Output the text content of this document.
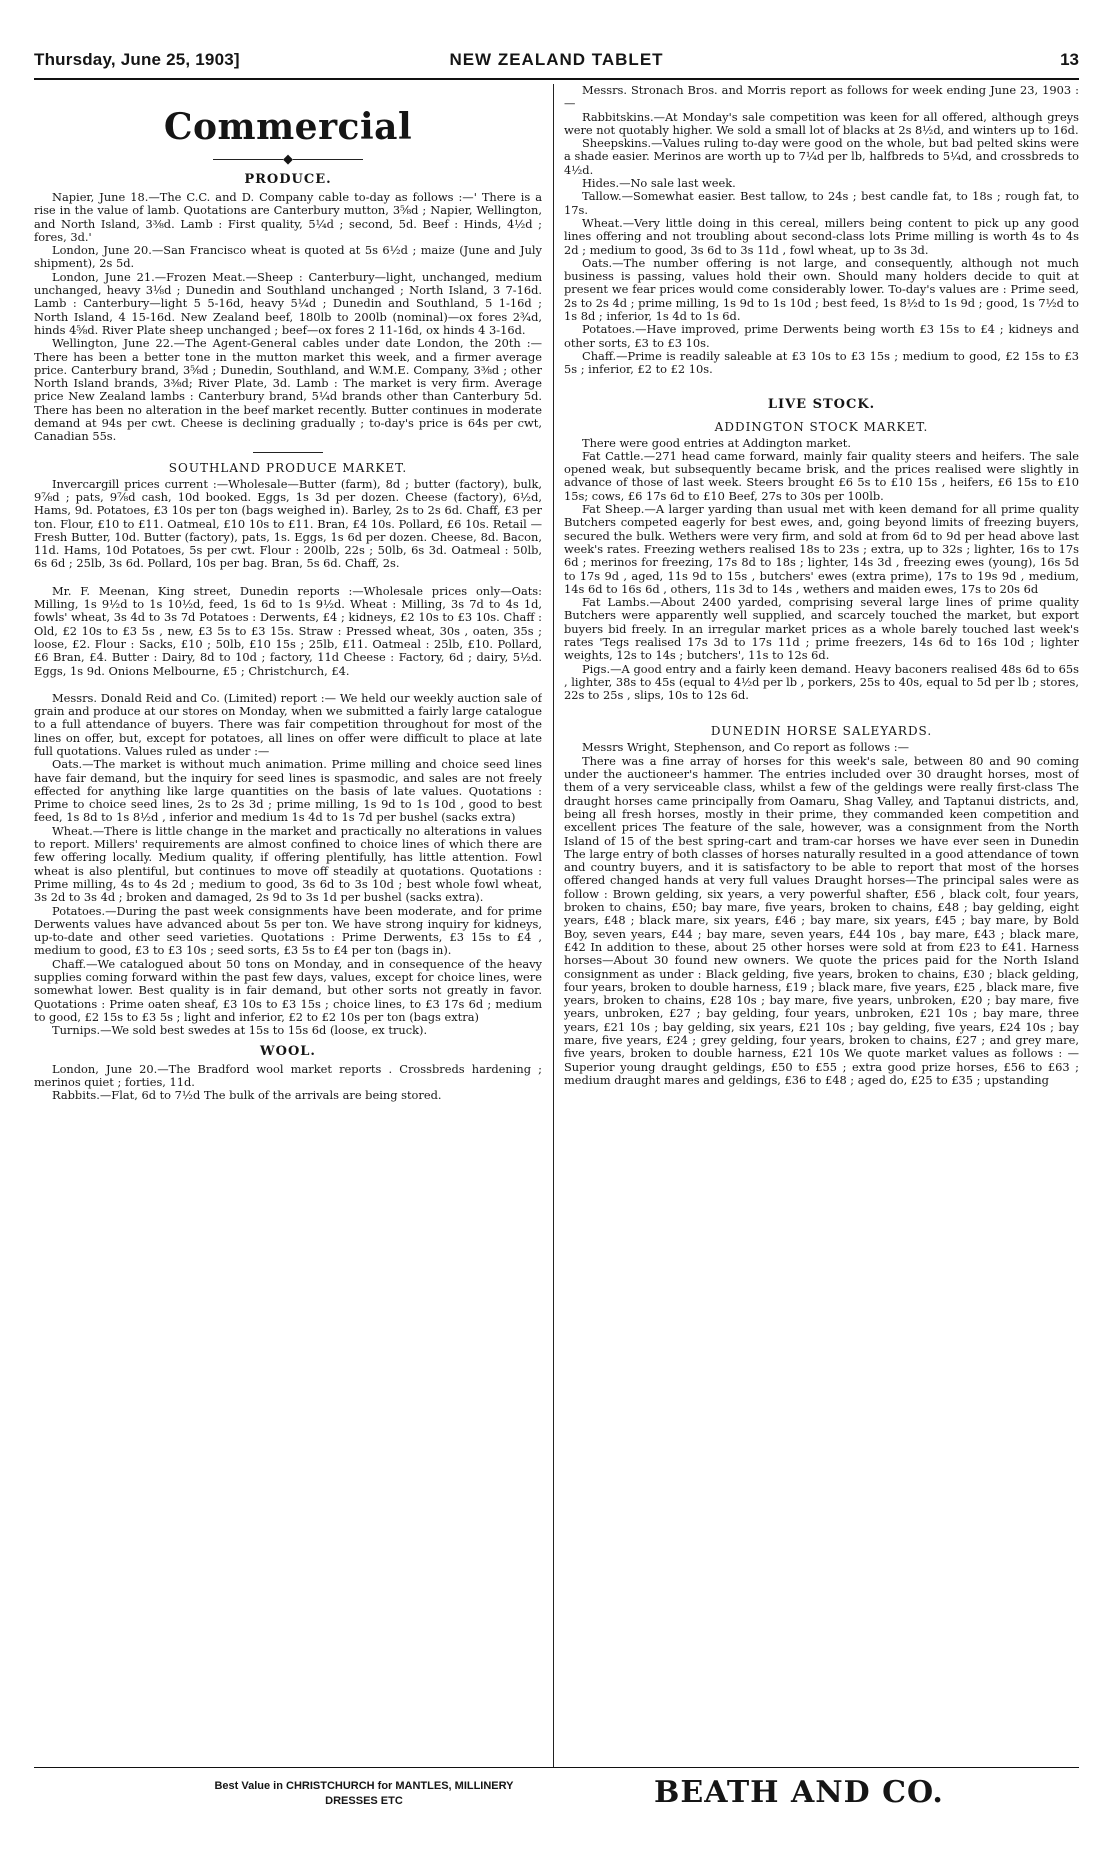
NEW ZEALAND TABLET
Thursday, June 25, 1903]	13
Commercial
◆
PRODUCE.

Napier, June 18.—The C.C. and D. Company cable to-day as follows :—' There is a rise in the value of lamb. Quotations are Canterbury mutton, 3⅝d ; Napier, Wellington, and North Island, 3⅜d. Lamb : First quality, 5¼d ; second, 5d. Beef : Hinds, 4½d ; fores, 3d.'

London, June 20.—San Francisco wheat is quoted at 5s 6½d ; maize (June and July shipment), 2s 5d.

London, June 21.—Frozen Meat.—Sheep : Canterbury—light, unchanged, medium unchanged, heavy 3⅛d ; Dunedin and Southland unchanged ; North Island, 3 7-16d. Lamb : Canterbury—light 5 5-16d, heavy 5¼d ; Dunedin and Southland, 5 1-16d ; North Island, 4 15-16d. New Zealand beef, 180lb to 200lb (nominal)—ox fores 2¾d, hinds 4⅝d. River Plate sheep unchanged ; beef—ox fores 2 11-16d, ox hinds 4 3-16d.

Wellington, June 22.—The Agent-General cables under date London, the 20th :—There has been a better tone in the mutton market this week, and a firmer average price. Canterbury brand, 3⅝d ; Dunedin, Southland, and W.M.E. Company, 3⅜d ; other North Island brands, 3⅜d; River Plate, 3d. Lamb : The market is very firm. Average price New Zealand lambs : Canterbury brand, 5¼d brands other than Canterbury 5d. There has been no alteration in the beef market recently. Butter continues in moderate demand at 94s per cwt. Cheese is declining gradually ; to-day's price is 64s per cwt, Canadian 55s.

SOUTHLAND PRODUCE MARKET.

Invercargill prices current :—Wholesale—Butter (farm), 8d ; butter (factory), bulk, 9⅞d ; pats, 9⅞d cash, 10d booked. Eggs, 1s 3d per dozen. Cheese (factory), 6½d, Hams, 9d. Potatoes, £3 10s per ton (bags weighed in). Barley, 2s to 2s 6d. Chaff, £3 per ton. Flour, £10 to £11. Oatmeal, £10 10s to £11. Bran, £4 10s. Pollard, £6 10s. Retail — Fresh Butter, 10d. Butter (factory), pats, 1s. Eggs, 1s 6d per dozen. Cheese, 8d. Bacon, 11d. Hams, 10d Potatoes, 5s per cwt. Flour : 200lb, 22s ; 50lb, 6s 3d. Oatmeal : 50lb, 6s 6d ; 25lb, 3s 6d. Pollard, 10s per bag. Bran, 5s 6d. Chaff, 2s.

Mr. F. Meenan, King street, Dunedin reports :—Wholesale prices only—Oats: Milling, 1s 9½d to 1s 10½d, feed, 1s 6d to 1s 9½d. Wheat : Milling, 3s 7d to 4s 1d, fowls' wheat, 3s 4d to 3s 7d Potatoes : Derwents, £4 ; kidneys, £2 10s to £3 10s. Chaff : Old, £2 10s to £3 5s , new, £3 5s to £3 15s. Straw : Pressed wheat, 30s , oaten, 35s ; loose, £2. Flour : Sacks, £10 ; 50lb, £10 15s ; 25lb, £11. Oatmeal : 25lb, £10. Pollard, £6 Bran, £4. Butter : Dairy, 8d to 10d ; factory, 11d Cheese : Factory, 6d ; dairy, 5½d. Eggs, 1s 9d. Onions Melbourne, £5 ; Christchurch, £4.

Messrs. Donald Reid and Co. (Limited) report :— We held our weekly auction sale of grain and produce at our stores on Monday, when we submitted a fairly large catalogue to a full attendance of buyers. There was fair competition throughout for most of the lines on offer, but, except for potatoes, all lines on offer were difficult to place at late full quotations. Values ruled as under :—

Oats.—The market is without much animation. Prime milling and choice seed lines have fair demand, but the inquiry for seed lines is spasmodic, and sales are not freely effected for anything like large quantities on the basis of late values. Quotations : Prime to choice seed lines, 2s to 2s 3d ; prime milling, 1s 9d to 1s 10d , good to best feed, 1s 8d to 1s 8½d , inferior and medium 1s 4d to 1s 7d per bushel (sacks extra)

Wheat.—There is little change in the market and practically no alterations in values to report. Millers' requirements are almost confined to choice lines of which there are few offering locally. Medium quality, if offering plentifully, has little attention. Fowl wheat is also plentiful, but continues to move off steadily at quotations. Quotations : Prime milling, 4s to 4s 2d ; medium to good, 3s 6d to 3s 10d ; best whole fowl wheat, 3s 2d to 3s 4d ; broken and damaged, 2s 9d to 3s 1d per bushel (sacks extra).

Potatoes.—During the past week consignments have been moderate, and for prime Derwents values have advanced about 5s per ton. We have strong inquiry for kidneys, up-to-date and other seed varieties. Quotations : Prime Derwents, £3 15s to £4 , medium to good, £3 to £3 10s ; seed sorts, £3 5s to £4 per ton (bags in).

Chaff.—We catalogued about 50 tons on Monday, and in consequence of the heavy supplies coming forward within the past few days, values, except for choice lines, were somewhat lower. Best quality is in fair demand, but other sorts not greatly in favor. Quotations : Prime oaten sheaf, £3 10s to £3 15s ; choice lines, to £3 17s 6d ; medium to good, £2 15s to £3 5s ; light and inferior, £2 to £2 10s per ton (bags extra)

Turnips.—We sold best swedes at 15s to 15s 6d (loose, ex truck).

WOOL.

London, June 20.—The Bradford wool market reports . Crossbreds hardening ; merinos quiet ; forties, 11d.

Rabbits.—Flat, 6d to 7½d The bulk of the arrivals are being stored.

Messrs. Stronach Bros. and Morris report as follows for week ending June 23, 1903 :—

Rabbitskins.—At Monday's sale competition was keen for all offered, although greys were not quotably higher. We sold a small lot of blacks at 2s 8½d, and winters up to 16d.

Sheepskins.—Values ruling to-day were good on the whole, but bad pelted skins were a shade easier. Merinos are worth up to 7¼d per lb, halfbreds to 5¼d, and crossbreds to 4½d.

Hides.—No sale last week.

Tallow.—Somewhat easier. Best tallow, to 24s ; best candle fat, to 18s ; rough fat, to 17s.

Wheat.—Very little doing in this cereal, millers being content to pick up any good lines offering and not troubling about second-class lots Prime milling is worth 4s to 4s 2d ; medium to good, 3s 6d to 3s 11d , fowl wheat, up to 3s 3d.

Oats.—The number offering is not large, and consequently, although not much business is passing, values hold their own. Should many holders decide to quit at present we fear prices would come considerably lower. To-day's values are : Prime seed, 2s to 2s 4d ; prime milling, 1s 9d to 1s 10d ; best feed, 1s 8½d to 1s 9d ; good, 1s 7½d to 1s 8d ; inferior, 1s 4d to 1s 6d.

Potatoes.—Have improved, prime Derwents being worth £3 15s to £4 ; kidneys and other sorts, £3 to £3 10s.

Chaff.—Prime is readily saleable at £3 10s to £3 15s ; medium to good, £2 15s to £3 5s ; inferior, £2 to £2 10s.

LIVE STOCK.
ADDINGTON STOCK MARKET.

There were good entries at Addington market.

Fat Cattle.—271 head came forward, mainly fair quality steers and heifers. The sale opened weak, but subsequently became brisk, and the prices realised were slightly in advance of those of last week. Steers brought £6 5s to £10 15s , heifers, £6 15s to £10 15s; cows, £6 17s 6d to £10 Beef, 27s to 30s per 100lb.

Fat Sheep.—A larger yarding than usual met with keen demand for all prime quality Butchers competed eagerly for best ewes, and, going beyond limits of freezing buyers, secured the bulk. Wethers were very firm, and sold at from 6d to 9d per head above last week's rates. Freezing wethers realised 18s to 23s ; extra, up to 32s ; lighter, 16s to 17s 6d ; merinos for freezing, 17s 8d to 18s ; lighter, 14s 3d , freezing ewes (young), 16s 5d to 17s 9d , aged, 11s 9d to 15s , butchers' ewes (extra prime), 17s to 19s 9d , medium, 14s 6d to 16s 6d , others, 11s 3d to 14s , wethers and maiden ewes, 17s to 20s 6d

Fat Lambs.—About 2400 yarded, comprising several large lines of prime quality Butchers were apparently well supplied, and scarcely touched the market, but export buyers bid freely. In an irregular market prices as a whole barely touched last week's rates 'Tegs realised 17s 3d to 17s 11d ; prime freezers, 14s 6d to 16s 10d ; lighter weights, 12s to 14s ; butchers', 11s to 12s 6d.

Pigs.—A good entry and a fairly keen demand. Heavy baconers realised 48s 6d to 65s , lighter, 38s to 45s (equal to 4½d per lb , porkers, 25s to 40s, equal to 5d per lb ; stores, 22s to 25s , slips, 10s to 12s 6d.

DUNEDIN HORSE SALEYARDS.

Messrs Wright, Stephenson, and Co report as follows :—

There was a fine array of horses for this week's sale, between 80 and 90 coming under the auctioneer's hammer. The entries included over 30 draught horses, most of them of a very serviceable class, whilst a few of the geldings were really first-class The draught horses came principally from Oamaru, Shag Valley, and Taptanui districts, and, being all fresh horses, mostly in their prime, they commanded keen competition and excellent prices The feature of the sale, however, was a consignment from the North Island of 15 of the best spring-cart and tram-car horses we have ever seen in Dunedin The large entry of both classes of horses naturally resulted in a good attendance of town and country buyers, and it is satisfactory to be able to report that most of the horses offered changed hands at very full values Draught horses—The principal sales were as follow : Brown gelding, six years, a very powerful shafter, £56 , black colt, four years, broken to chains, £50; bay mare, five years, broken to chains, £48 ; bay gelding, eight years, £48 ; black mare, six years, £46 ; bay mare, six years, £45 ; bay mare, by Bold Boy, seven years, £44 ; bay mare, seven years, £44 10s , bay mare, £43 ; black mare, £42 In addition to these, about 25 other horses were sold at from £23 to £41. Harness horses—About 30 found new owners. We quote the prices paid for the North Island consignment as under : Black gelding, five years, broken to chains, £30 ; black gelding, four years, broken to double harness, £19 ; black mare, five years, £25 , black mare, five years, broken to chains, £28 10s ; bay mare, five years, unbroken, £20 ; bay mare, five years, unbroken, £27 ; bay gelding, four years, unbroken, £21 10s ; bay mare, three years, £21 10s ; bay gelding, six years, £21 10s ; bay gelding, five years, £24 10s ; bay mare, five years, £24 ; grey gelding, four years, broken to chains, £27 ; and grey mare, five years, broken to double harness, £21 10s We quote market values as follows : —Superior young draught geldings, £50 to £55 ; extra good prize horses, £56 to £63 ; medium draught mares and geldings, £36 to £48 ; aged do, £25 to £35 ; upstanding

Best Value in CHRISTCHURCH for MANTLES, MILLINERY
DRESSES ETC	BEATH AND CO.
